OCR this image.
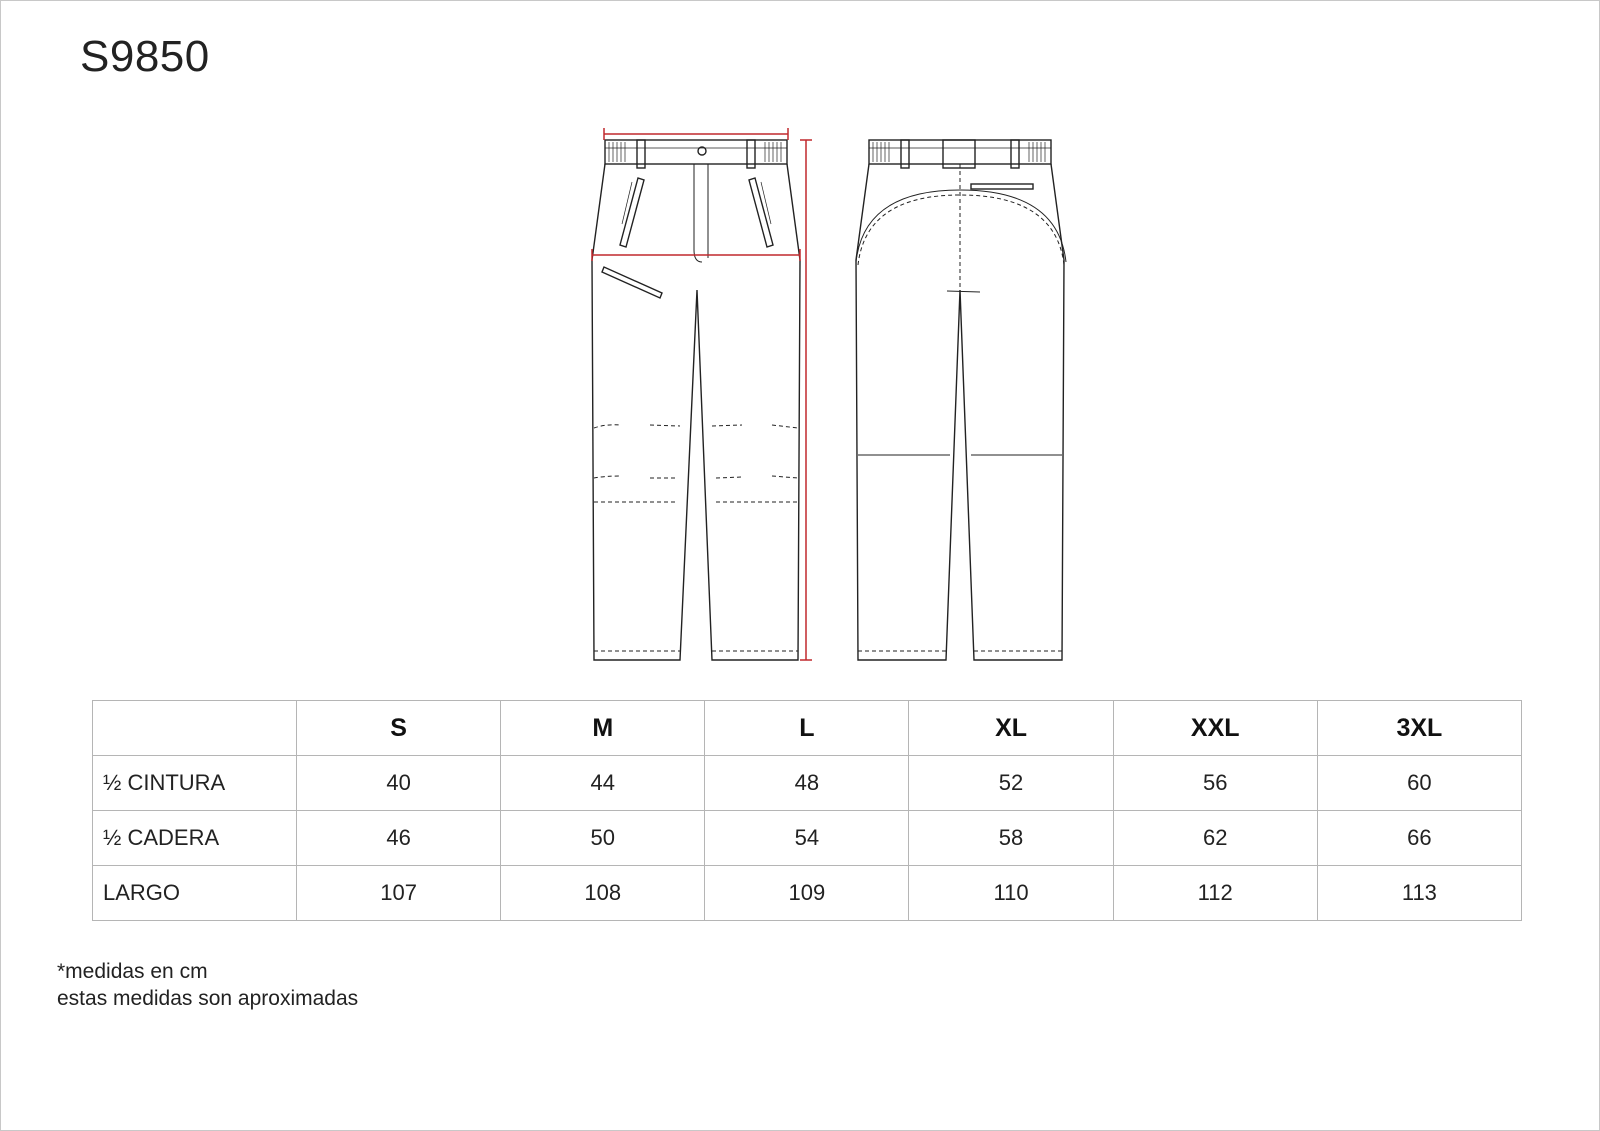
S9850
	S	M	L	XL	XXL	3XL
½ CINTURA	40	44	48	52	56	60
½ CADERA	46	50	54	58	62	66
LARGO	107	108	109	110	112	113
*medidas en cm
estas medidas son aproximadas
